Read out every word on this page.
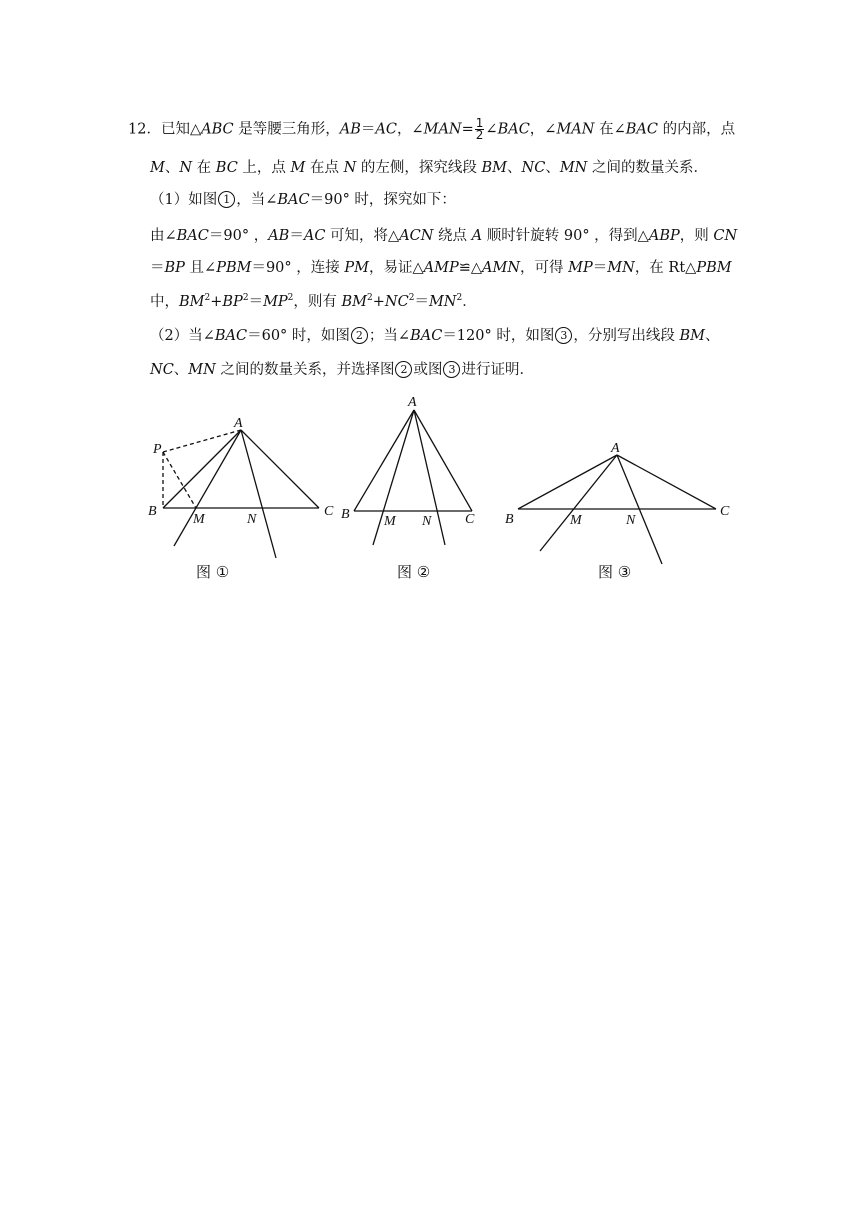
12．已知△ABC 是等腰三角形，AB＝AC，∠MAN= $\frac{1}{2}$ ∠BAC，∠MAN 在∠BAC 的内部，点
M、N 在 BC 上，点 M 在点 N 的左侧，探究线段 BM、NC、MN 之间的数量关系．
（1）如图 1 ，当∠BAC＝90° 时，探究如下：
由∠BAC＝90° ，AB＝AC 可知，将△ACN 绕点 A 顺时针旋转 90° ，得到△ABP，则 CN
＝BP 且∠PBM＝90° ，连接 PM，易证△AMP≌△AMN，可得 MP＝MN，在 Rt△PBM
中，$BM^2+BP^2=MP^2$，则有 $BM^2+NC^2=MN^2$．
（2）当∠BAC＝60° 时，如图 2 ；当∠BAC＝120° 时，如图 3 ，分别写出线段 BM、
NC、MN 之间的数量关系，并选择图 2 或图 3 进行证明．
A
P
B
M	N
C
A
B M N C
A
B	M	N
C
图 ①	图 ②	图 ③
